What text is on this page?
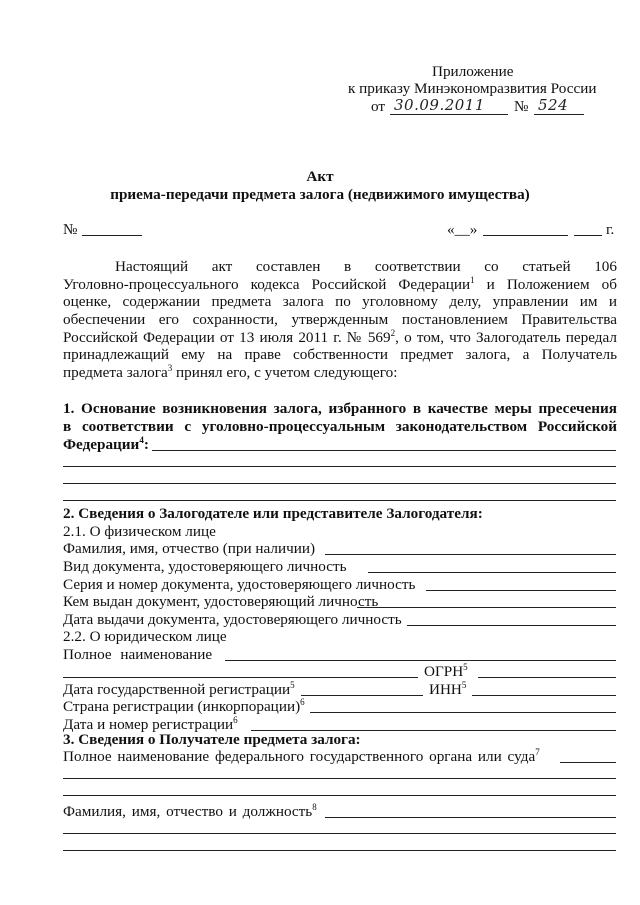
Приложение
к приказу Минэкономразвития России
от 30.09.2011 № 524
Акт
приема-передачи предмета залога (недвижимого имущества)
№	«__»	г.
Настоящий акт составлен в соответствии со статьей 106
Уголовно-процессуального кодекса Российской Федерации$^1$ и Положением об
оценке, содержании предмета залога по уголовному делу, управлении им и
обеспечении его сохранности, утвержденным постановлением Правительства
Российской Федерации от 13 июля 2011 г. № $569^2$, о том, что Залогодатель передал
принадлежащий ему на праве собственности предмет залога, а Получатель
предмета залога$^3$ принял его, с учетом следующего:
1. Основание возникновения залога, избранного в качестве меры пресечения
в соответствии с уголовно-процессуальным законодательством Российской
Федерации$^4$:
2. Сведения о Залогодателе или представителе Залогодателя:
2.1. О физическом лице
Фамилия, имя, отчество (при наличии)
Вид документа, удостоверяющего личность
Серия и номер документа, удостоверяющего личность
Кем выдан документ, удостоверяющий личность
Дата выдачи документа, удостоверяющего личность
2.2. О юридическом лице
Полное наименование
ОГРН$^5$
Дата государственной регистрации$^5$	ИНН$^5$
Страна регистрации (инкорпорации)$^6$
Дата и номер регистрации$^6$
3. Сведения о Получателе предмета залога:
Полное наименование федерального государственного органа или суда$^7$
Фамилия, имя, отчество и должность$^8$
